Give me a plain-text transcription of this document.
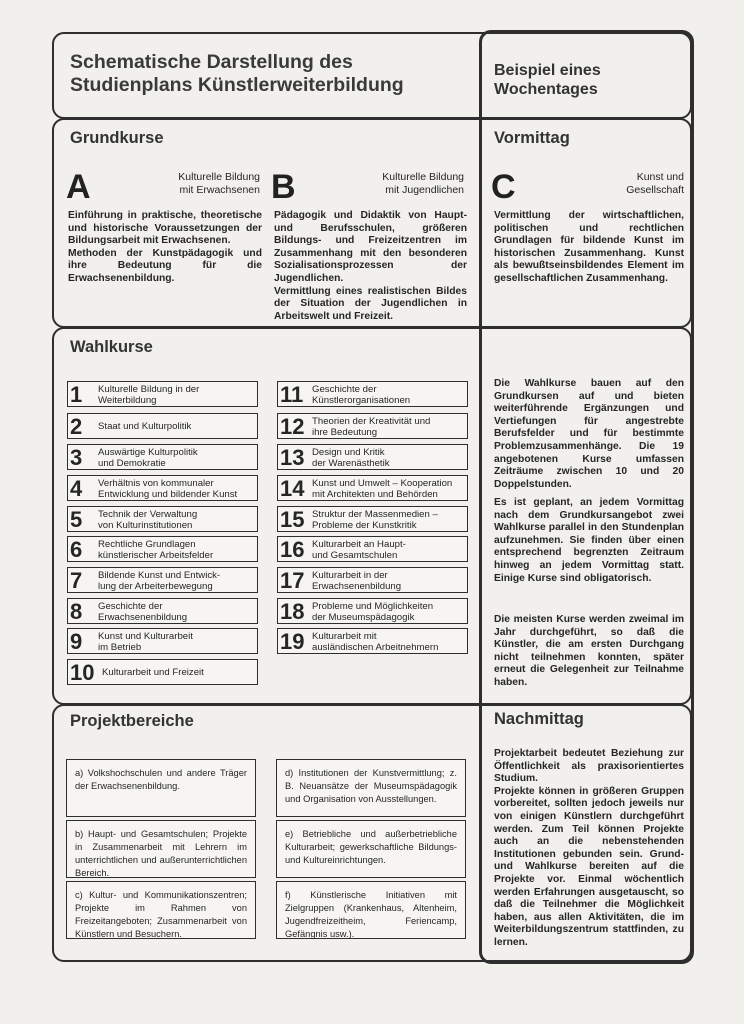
Schematische Darstellung des
Studienplans Künstlerweiterbildung
Beispiel eines
Wochentages
Grundkurse
A	Kulturelle Bildung
mit Erwachsenen
Einführung in praktische, theoretische und historische Voraussetzungen der Bildungsarbeit mit Erwachsenen.
Methoden der Kunstpädagogik und ihre Bedeutung für die Erwachsenenbildung.
B	Kulturelle Bildung
mit Jugendlichen
Pädagogik und Didaktik von Haupt- und Berufsschulen, größeren Bildungs- und Freizeitzentren im Zusammenhang mit den besonderen Sozialisationsprozessen der Jugendlichen.
Vermittlung eines realistischen Bildes der Situation der Jugendlichen in Arbeitswelt und Freizeit.
Vormittag
C	Kunst und
Gesellschaft
Vermittlung der wirtschaftlichen, politischen und rechtlichen Grundlagen für bildende Kunst im historischen Zusammenhang. Kunst als bewußtseinsbildendes Element im gesellschaftlichen Zusammenhang.
Wahlkurse
1 Kulturelle Bildung in der
Weiterbildung
2 Staat und Kulturpolitik
3 Auswärtige Kulturpolitik
und Demokratie
4 Verhältnis von kommunaler
Entwicklung und bildender Kunst
5 Technik der Verwaltung
von Kulturinstitutionen
6 Rechtliche Grundlagen
künstlerischer Arbeitsfelder
7 Bildende Kunst und Entwick-
lung der Arbeiterbewegung
8 Geschichte der
Erwachsenenbildung
9 Kunst und Kulturarbeit
im Betrieb
10 Kulturarbeit und Freizeit
11 Geschichte der
Künstlerorganisationen
12 Theorien der Kreativität und
ihre Bedeutung
13 Design und Kritik
der Warenästhetik
14 Kunst und Umwelt – Kooperation
mit Architekten und Behörden
15 Struktur der Massenmedien –
Probleme der Kunstkritik
16 Kulturarbeit an Haupt-
und Gesamtschulen
17 Kulturarbeit in der
Erwachsenenbildung
18 Probleme und Möglichkeiten
der Museumspädagogik
19 Kulturarbeit mit
ausländischen Arbeitnehmern
Die Wahlkurse bauen auf den Grundkursen auf und bieten weiterführende Ergänzungen und Vertiefungen für angestrebte Berufsfelder und für bestimmte Problemzusammenhänge. Die 19 angebotenen Kurse umfassen Zeiträume zwischen 10 und 20 Doppelstunden.
Es ist geplant, an jedem Vormittag nach dem Grundkursangebot zwei Wahlkurse parallel in den Stundenplan aufzunehmen. Sie finden über einen entsprechend begrenzten Zeitraum hinweg an jedem Vormittag statt. Einige Kurse sind obligatorisch.
Die meisten Kurse werden zweimal im Jahr durchgeführt, so daß die Künstler, die am ersten Durchgang nicht teilnehmen konnten, später erneut die Gelegenheit zur Teilnahme haben.
Projektbereiche
a) Volkshochschulen und andere Träger der Erwachsenenbildung.
b) Haupt- und Gesamtschulen; Projekte in Zusammenarbeit mit Lehrern im unterrichtlichen und außerunterrichtlichen Bereich.
c) Kultur- und Kommunikationszentren; Projekte im Rahmen von Freizeitangeboten; Zusammenarbeit von Künstlern und Besuchern.
d) Institutionen der Kunstvermittlung; z. B. Neuansätze der Museumspädagogik und Organisation von Ausstellungen.
e) Betriebliche und außerbetriebliche Kulturarbeit; gewerkschaftliche Bildungs- und Kultureinrichtungen.
f) Künstlerische Initiativen mit Zielgruppen (Krankenhaus, Altenheim, Jugendfreizeitheim, Feriencamp, Gefängnis usw.).
Nachmittag
Projektarbeit bedeutet Beziehung zur Öffentlichkeit als praxisorientiertes Studium.
Projekte können in größeren Gruppen vorbereitet, sollten jedoch jeweils nur von einigen Künstlern durchgeführt werden. Zum Teil können Projekte auch an die nebenstehenden Institutionen gebunden sein. Grund- und Wahlkurse bereiten auf die Projekte vor. Einmal wöchentlich werden Erfahrungen ausgetauscht, so daß die Teilnehmer die Möglichkeit haben, aus allen Aktivitäten, die im Weiterbildungszentrum stattfinden, zu lernen.
